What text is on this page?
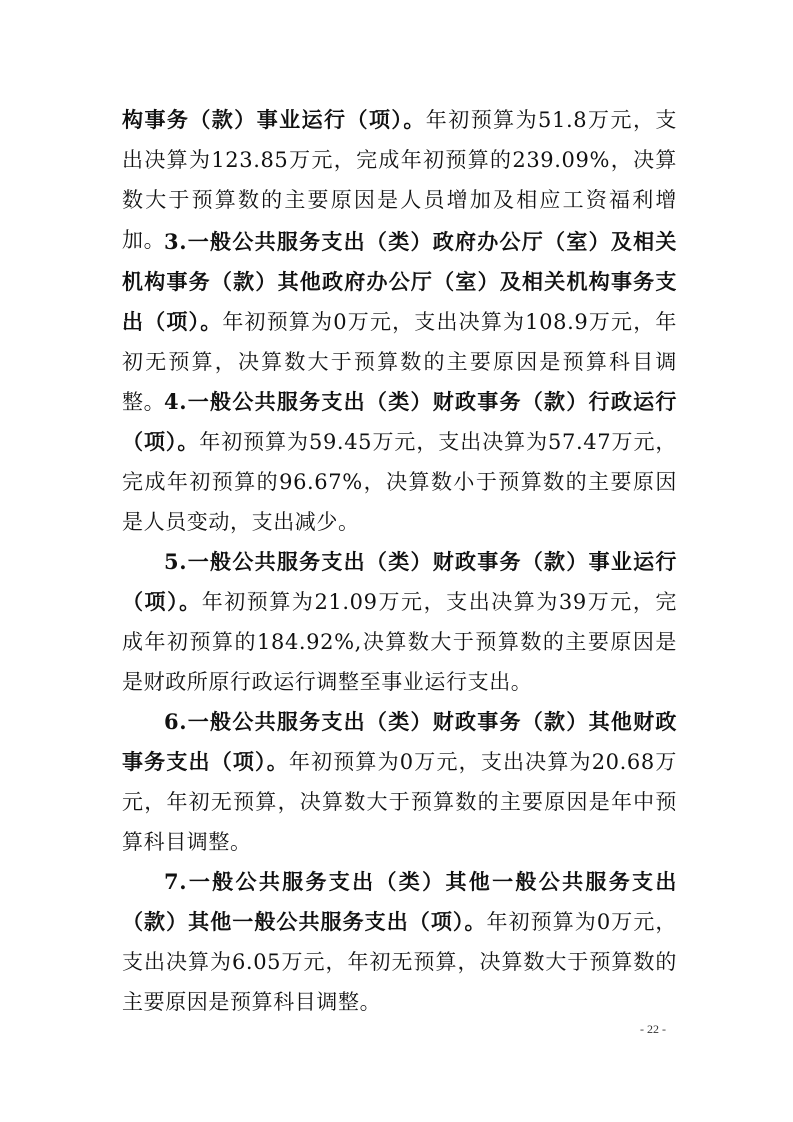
构事务（款）事业运行（项）。年初预算为51.8万元，支出决算为123.85万元，完成年初预算的239.09%，决算数大于预算数的主要原因是人员增加及相应工资福利增加。

3.一般公共服务支出（类）政府办公厅（室）及相关机构事务（款）其他政府办公厅（室）及相关机构事务支出（项）。年初预算为0万元，支出决算为108.9万元，年初无预算，决算数大于预算数的主要原因是预算科目调整。

4.一般公共服务支出（类）财政事务（款）行政运行（项）。年初预算为59.45万元，支出决算为57.47万元，完成年初预算的96.67%，决算数小于预算数的主要原因是人员变动，支出减少。

5.一般公共服务支出（类）财政事务（款）事业运行（项）。年初预算为21.09万元，支出决算为39万元，完成年初预算的184.92%,决算数大于预算数的主要原因是是财政所原行政运行调整至事业运行支出。

6.一般公共服务支出（类）财政事务（款）其他财政事务支出（项）。年初预算为0万元，支出决算为20.68万元，年初无预算，决算数大于预算数的主要原因是年中预算科目调整。

7.一般公共服务支出（类）其他一般公共服务支出（款）其他一般公共服务支出（项）。年初预算为0万元，支出决算为6.05万元，年初无预算，决算数大于预算数的主要原因是预算科目调整。

- 22 -
